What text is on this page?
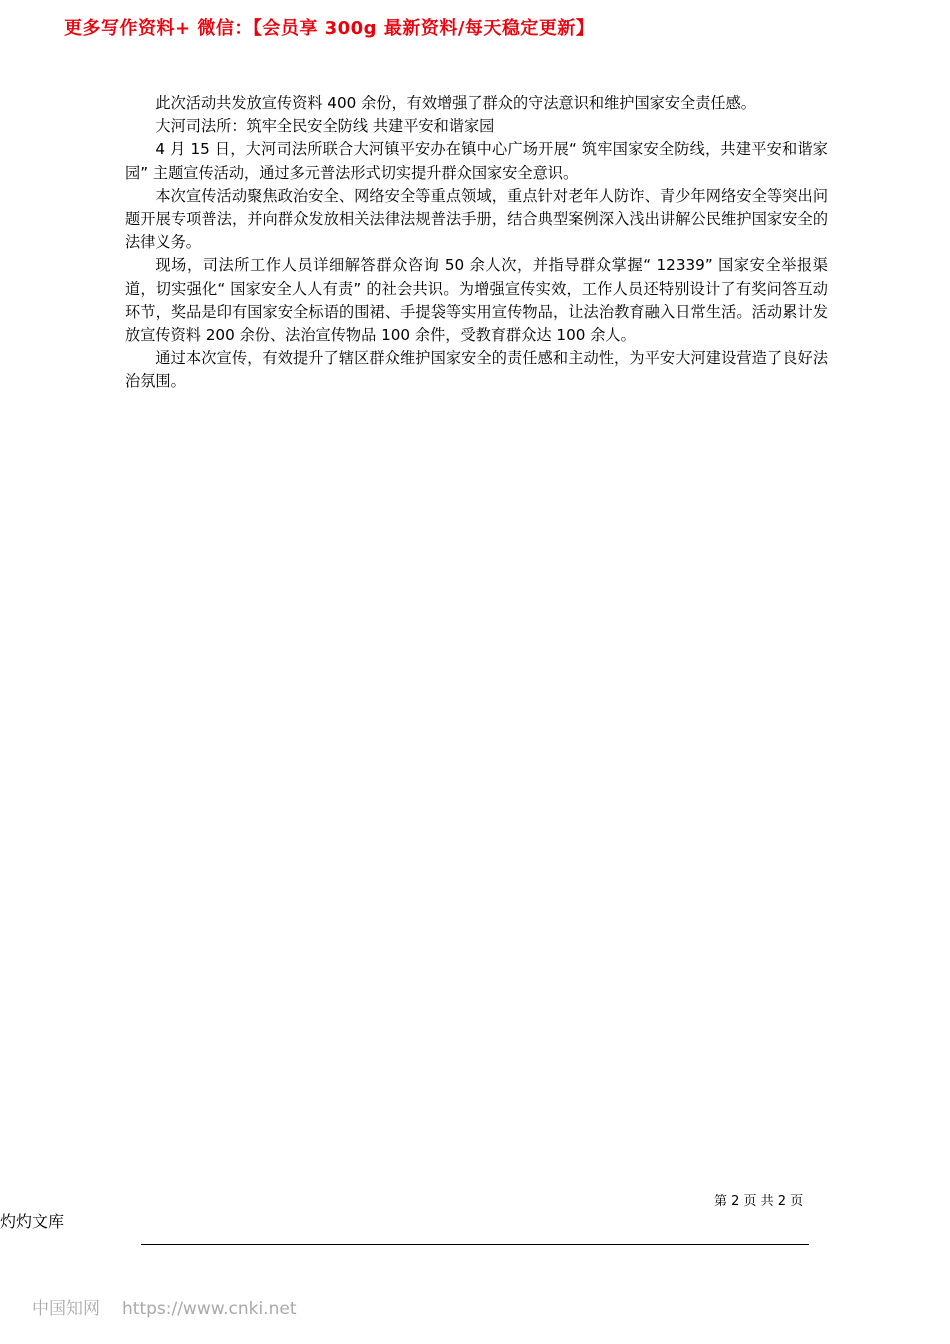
更多写作资料+ 微信：【会员享 300g 最新资料/每天稳定更新】

此次活动共发放宣传资料 400 余份，有效增强了群众的守法意识和维护国家安全责任感。

大河司法所：筑牢全民安全防线 共建平安和谐家园

4 月 15 日，大河司法所联合大河镇平安办在镇中心广场开展“ 筑牢国家安全防线，共建平安和谐家园” 主题宣传活动，通过多元普法形式切实提升群众国家安全意识。

本次宣传活动聚焦政治安全、网络安全等重点领域，重点针对老年人防诈、青少年网络安全等突出问题开展专项普法，并向群众发放相关法律法规普法手册，结合典型案例深入浅出讲解公民维护国家安全的法律义务。

现场，司法所工作人员详细解答群众咨询 50 余人次，并指导群众掌握“ 12339” 国家安全举报渠道，切实强化“ 国家安全人人有责” 的社会共识。为增强宣传实效，工作人员还特别设计了有奖问答互动环节，奖品是印有国家安全标语的围裙、手提袋等实用宣传物品，让法治教育融入日常生活。活动累计发放宣传资料 200 余份、法治宣传物品 100 余件，受教育群众达 100 余人。

通过本次宣传，有效提升了辖区群众维护国家安全的责任感和主动性，为平安大河建设营造了良好法治氛围。

第 2 页 共 2 页
灼灼文库
中国知网 https://www.cnki.net
